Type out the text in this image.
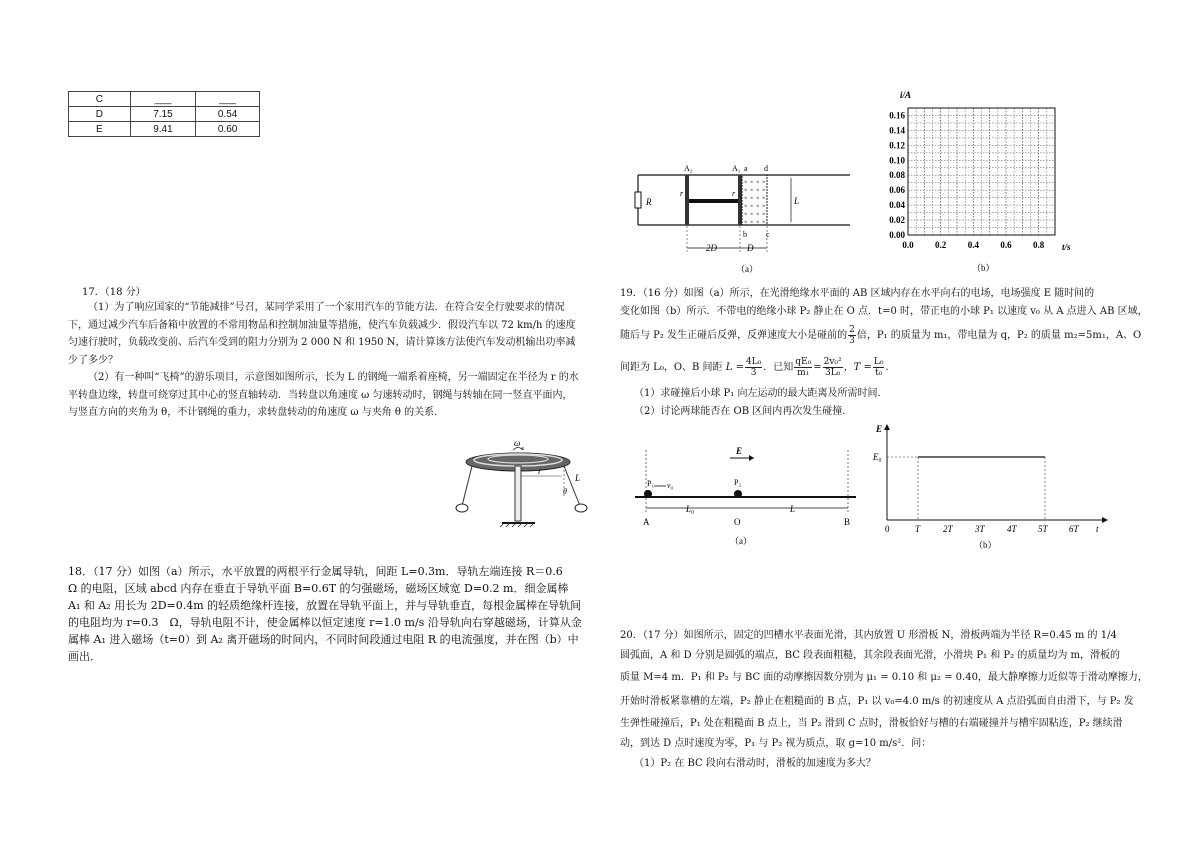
C	___	___
D	7.15	0.54
E	9.41	0.60
17．（18 分）

（1）为了响应国家的“节能减排”号召，某同学采用了一个家用汽车的节能方法．在符合安全行驶要求的情况下，通过减少汽车后备箱中放置的不常用物品和控制加油量等措施，使汽车负载减少．假设汽车以 72 km/h 的速度匀速行驶时，负载改变前、后汽车受到的阻力分别为 2 000 N 和 1950 N，请计算该方法使汽车发动机输出功率减少了多少？

（2）有一种叫“飞椅”的游乐项目，示意图如图所示，长为 L 的钢绳一端系着座椅，另一端固定在半径为 r 的水平转盘边缘，转盘可绕穿过其中心的竖直轴转动．当转盘以角速度 ω 匀速转动时，钢绳与转轴在同一竖直平面内，与竖直方向的夹角为 θ，不计钢绳的重力，求转盘转动的角速度 ω 与夹角 θ 的关系．

ω
r
L
θ
18．（17 分）如图（a）所示，水平放置的两根平行金属导轨，间距 L=0.3m．导轨左端连接 R＝0.6　Ω 的电阻，区域 abcd 内存在垂直于导轨平面 B=0.6T 的匀强磁场，磁场区域宽 D=0.2 m．细金属棒 A₁ 和 A₂ 用长为 2D=0.4m 的轻质绝缘杆连接，放置在导轨平面上，并与导轨垂直，每根金属棒在导轨间的电阻均为 r=0.3　Ω，导轨电阻不计，使金属棒以恒定速度 r=1.0 m/s 沿导轨向右穿越磁场，计算从金属棒 A₁ 进入磁场（t=0）到 A₂ 离开磁场的时间内，不同时间段通过电阻 R 的电流强度，并在图（b）中画出．
R
r	r
A₂	A₁ a d
× × × ×
× × × ×
× × × ×
× × × ×
× × × ×
× × × ×
L
b c
2D	D
（a）
i/A
0.00
0.02
0.04
0.06
0.08
0.10
0.12
0.14
0.16
0.0 0.2 0.4 0.6 0.8 t/s
（b）
19．（16 分）如图（a）所示，在光滑绝缘水平面的 AB 区域内存在水平向右的电场，电场强度 E 随时间的
变化如图（b）所示．不带电的绝缘小球 P₂ 静止在 O 点．t=0 时，带正电的小球 P₁ 以速度 v₀ 从 A 点进入 AB 区域，
随后与 P₂ 发生正碰后反弹，反弹速度大小是碰前的 $\frac{2}{3}$ 倍，P₁ 的质量为 m₁，带电量为 q，P₂ 的质量 m₂=5m₁，A、O
间距为 L₀，O、B 间距 $L = \frac{\text{4L₀}}{3}$ ．已知 $\frac{\text{qE₀}}{\text{m₁}} = \frac{\text{2v₀²}}{\text{3L₀}}$ ，$T = \frac{\text{L₀}}{\text{t₀}}$ ．
（1）求碰撞后小球 P₁ 向左运动的最大距离及所需时间．
（2）讨论两球能否在 OB 区间内再次发生碰撞．
E
P₁ v₀	P₂
L₀	L
A	O	B
（a）
E
E₀
0	T	2T 3T 4T 5T 6T t
（b）
20．（17 分）如图所示，固定的凹槽水平表面光滑，其内放置 U 形滑板 N，滑板两端为半径 R=0.45 m 的 1/4
圆弧面，A 和 D 分别是圆弧的端点，BC 段表面粗糙，其余段表面光滑，小滑块 P₁ 和 P₂ 的质量均为 m，滑板的
质量 M=4 m．P₁ 和 P₂ 与 BC 面的动摩擦因数分别为 μ₁ = 0.10 和 μ₂ = 0.40，最大静摩擦力近似等于滑动摩擦力，
开始时滑板紧靠槽的左端，P₂ 静止在粗糙面的 B 点，P₁ 以 v₀=4.0 m/s 的初速度从 A 点沿弧面自由滑下，与 P₂ 发
生弹性碰撞后，P₁ 处在粗糙面 B 点上，当 P₂ 滑到 C 点时，滑板恰好与槽的右端碰撞并与槽牢固粘连，P₂ 继续滑
动，到达 D 点时速度为零，P₁ 与 P₂ 视为质点，取 g=10 m/s²．问：
（1）P₂ 在 BC 段向右滑动时，滑板的加速度为多大？
